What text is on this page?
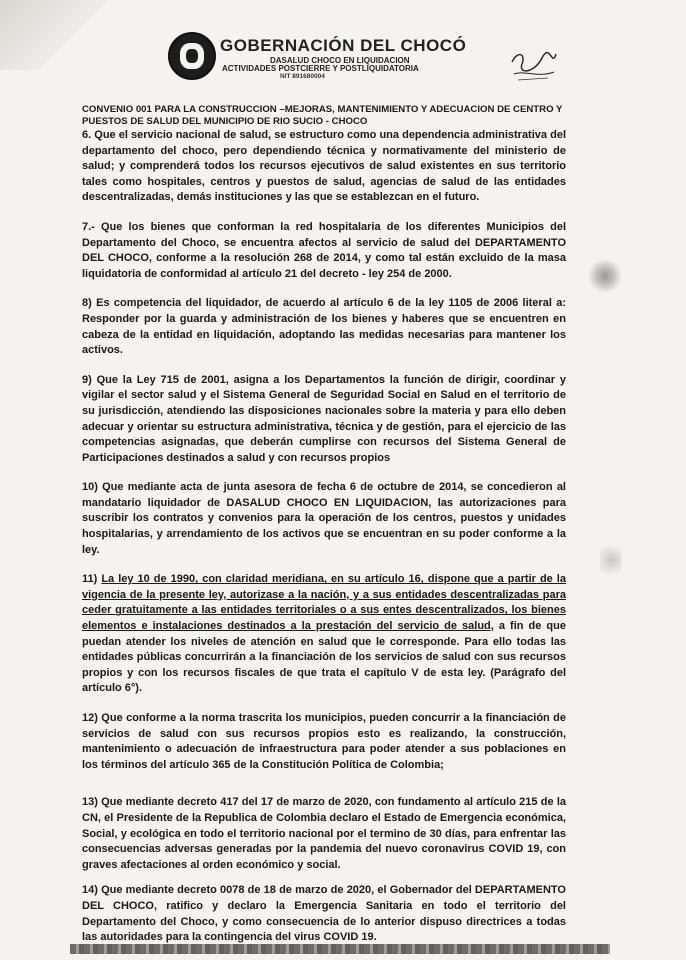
GOBERNACIÓN DEL CHOCÓ
DASALUD CHOCO EN LIQUIDACION
ACTIVIDADES POSTCIERRE Y POSTLIQUIDATORIA
NIT 891680004
CONVENIO 001 PARA LA CONSTRUCCION –MEJORAS, MANTENIMIENTO Y ADECUACION DE CENTRO Y
PUESTOS DE SALUD DEL MUNICIPIO DE RIO SUCIO - CHOCO

6. Que el servicio nacional de salud, se estructuro como una dependencia administrativa del departamento del choco, pero dependiendo técnica y normativamente del ministerio de salud; y comprenderá todos los recursos ejecutivos de salud existentes en sus territorio tales como hospitales, centros y puestos de salud, agencias de salud de las entidades descentralizadas, demás instituciones y las que se establezcan en el futuro.

7.- Que los bienes que conforman la red hospitalaria de los diferentes Municipios del Departamento del Choco, se encuentra afectos al servicio de salud del DEPARTAMENTO DEL CHOCO, conforme a la resolución 268 de 2014, y como tal están excluido de la masa liquidatoria de conformidad al artículo 21 del decreto - ley 254 de 2000.

8) Es competencia del liquidador, de acuerdo al artículo 6 de la ley 1105 de 2006 literal a: Responder por la guarda y administración de los bienes y haberes que se encuentren en cabeza de la entidad en liquidación, adoptando las medidas necesarias para mantener los activos.

9) Que la Ley 715 de 2001, asigna a los Departamentos la función de dirigir, coordinar y vigilar el sector salud y el Sistema General de Seguridad Social en Salud en el territorio de su jurisdicción, atendiendo las disposiciones nacionales sobre la materia y para ello deben adecuar y orientar su estructura administrativa, técnica y de gestión, para el ejercicio de las competencias asignadas, que deberán cumplirse con recursos del Sistema General de Participaciones destinados a salud y con recursos propios

10) Que mediante acta de junta asesora de fecha 6 de octubre de 2014, se concedieron al mandatario liquidador de DASALUD CHOCO EN LIQUIDACION, las autorizaciones para suscribir los contratos y convenios para la operación de los centros, puestos y unidades hospitalarias, y arrendamiento de los activos que se encuentran en su poder conforme a la ley.

11) La ley 10 de 1990, con claridad meridiana, en su artículo 16, dispone que a partir de la vigencia de la presente ley, autorizase a la nación, y a sus entidades descentralizadas para ceder gratuitamente a las entidades territoriales o a sus entes descentralizados, los bienes elementos e instalaciones destinados a la prestación del servicio de salud, a fin de que puedan atender los niveles de atención en salud que le corresponde. Para ello todas las entidades públicas concurrirán a la financiación de los servicios de salud con sus recursos propios y con los recursos fiscales de que trata el capítulo V de esta ley. (Parágrafo del artículo 6°).

12) Que conforme a la norma trascrita los municipios, pueden concurrir a la financiación de servicios de salud con sus recursos propios esto es realizando, la construcción, mantenimiento o adecuación de infraestructura para poder atender a sus poblaciones en los términos del artículo 365 de la Constitución Política de Colombia;

13) Que mediante decreto 417 del 17 de marzo de 2020, con fundamento al artículo 215 de la CN, el Presidente de la Republica de Colombia declaro el Estado de Emergencia económica, Social, y ecológica en todo el territorio nacional por el termino de 30 días, para enfrentar las consecuencias adversas generadas por la pandemia del nuevo coronavirus COVID 19, con graves afectaciones al orden económico y social.

14) Que mediante decreto 0078 de 18 de marzo de 2020, el Gobernador del DEPARTAMENTO DEL CHOCO, ratifico y declaro la Emergencia Sanitaria en todo el territorio del Departamento del Choco, y como consecuencia de lo anterior dispuso directrices a todas las autoridades para la contingencia del virus COVID 19.
